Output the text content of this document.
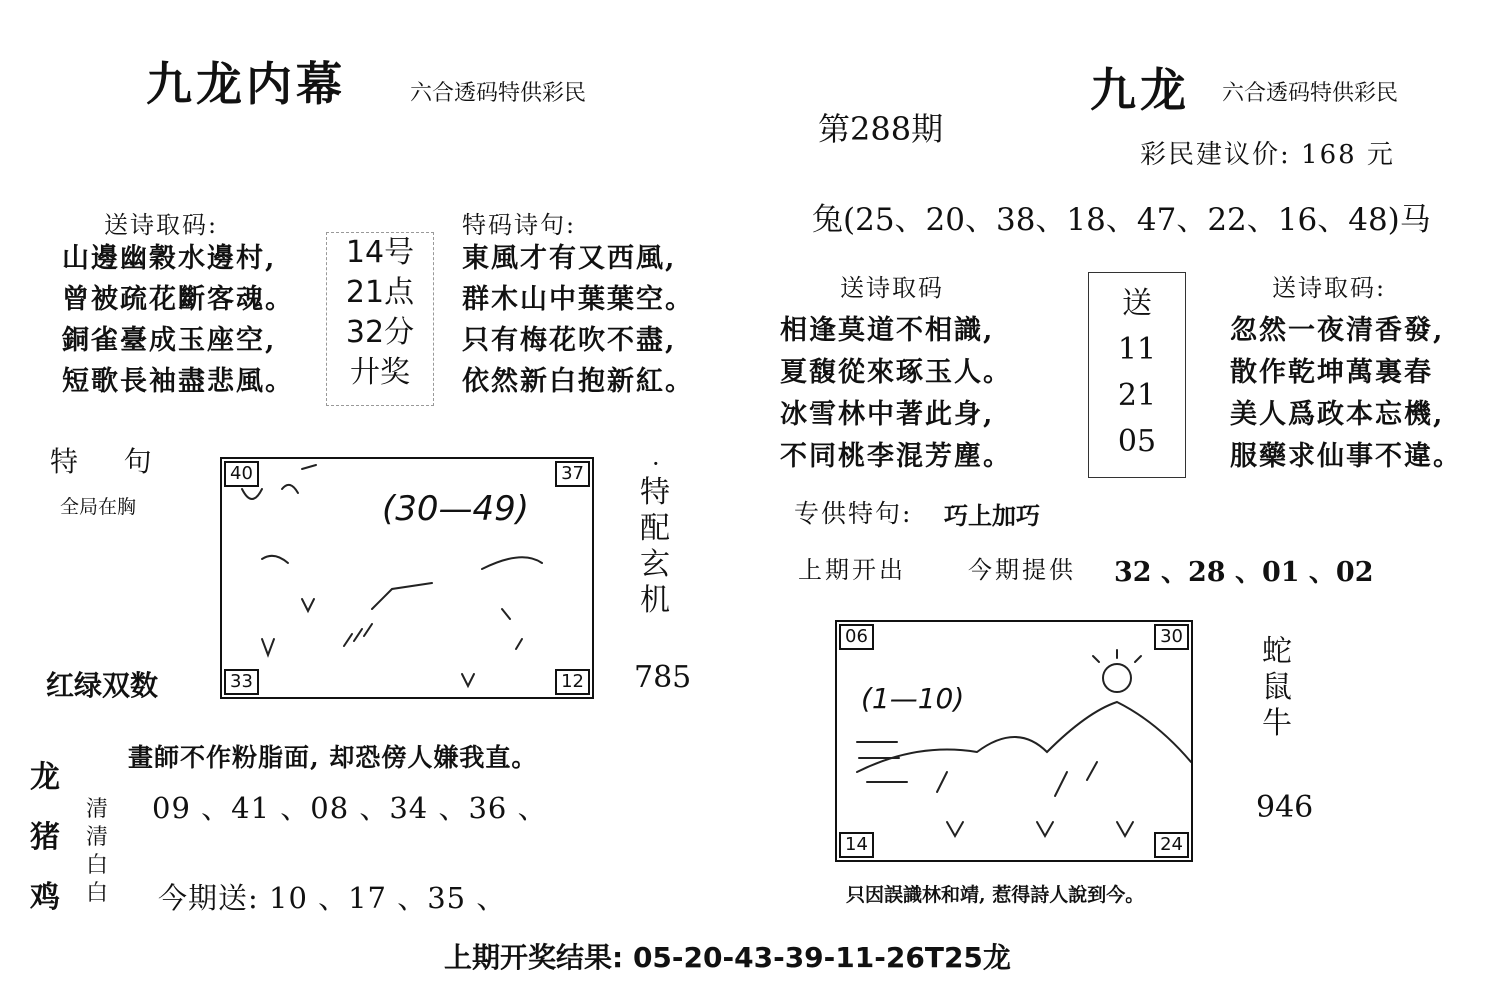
九龙内幕	六合透码特供彩民
送诗取码:
山邊幽穀水邊村,
曾被疏花斷客魂。
銅雀臺成玉座空,
短歌長袖盡悲風。
14号
21点
32分
廾奖
特码诗句:
東風才有又西風,
群木山中葉葉空。
只有梅花吹不盡,
依然新白抱新紅。
特    句
全局在胸
红绿双数
(30—49)
40	37
33	12
·
特
配
玄
机
785
畫師不作粉脂面, 却恐傍人嫌我直。
龙
猪
鸡
清
清
白
白
09 、41 、08 、34 、36 、
今期送: 10 、17 、35 、
第288期
九龙 六合透码特供彩民
彩民建议价: 168 元
兔(25、20、38、18、47、22、16、48)马
送诗取码
相逢莫道不相識,
夏馥從來琢玉人。
冰雪林中著此身,
不同桃李混芳塵。
送
11
21
05
送诗取码:
忽然一夜清香發,
散作乾坤萬裏春
美人爲政本忘機,
服藥求仙事不違。
专供特句: 巧上加巧
上期开出	今期提供 32 、28 、01 、02
(1—10)
06	30
14	24
蛇
鼠
牛
946
只因誤識林和靖, 惹得詩人說到今。
上期开奖结果: 05-20-43-39-11-26T25龙
